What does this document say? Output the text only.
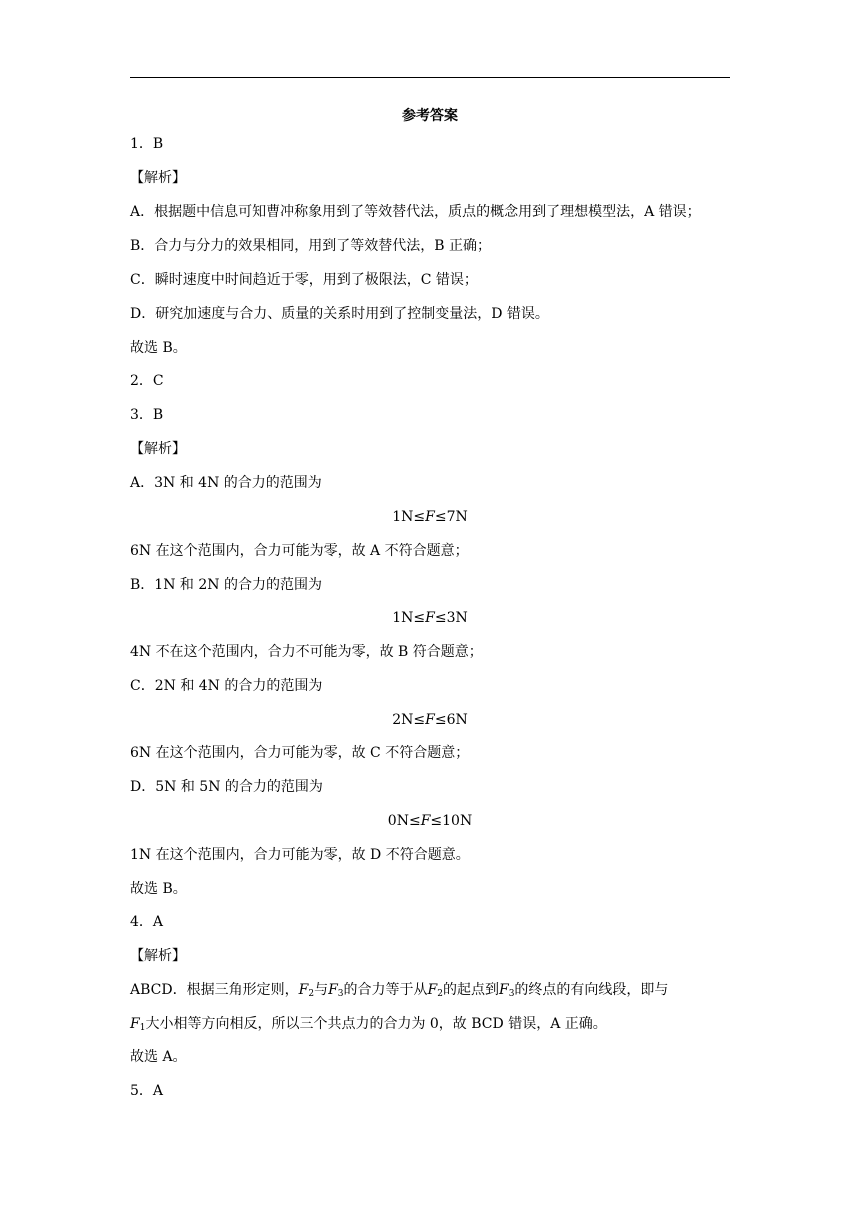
参考答案
1．B
【解析】
A．根据题中信息可知曹冲称象用到了等效替代法，质点的概念用到了理想模型法，A 错误；
B．合力与分力的效果相同，用到了等效替代法，B 正确；
C．瞬时速度中时间趋近于零，用到了极限法，C 错误；
D．研究加速度与合力、质量的关系时用到了控制变量法，D 错误。
故选 B。
2．C
3．B
【解析】
A．3N 和 4N 的合力的范围为
1N≤F≤7N
6N 在这个范围内，合力可能为零，故 A 不符合题意；
B．1N 和 2N 的合力的范围为
1N≤F≤3N
4N 不在这个范围内，合力不可能为零，故 B 符合题意；
C．2N 和 4N 的合力的范围为
2N≤F≤6N
6N 在这个范围内，合力可能为零，故 C 不符合题意；
D．5N 和 5N 的合力的范围为
0N≤F≤10N
1N 在这个范围内，合力可能为零，故 D 不符合题意。
故选 B。
4．A
【解析】
ABCD．根据三角形定则，$F_2$与$F_3$的合力等于从$F_2$的起点到$F_3$的终点的有向线段，即与
$F_1$大小相等方向相反，所以三个共点力的合力为 0，故 BCD 错误，A 正确。
故选 A。
5．A
